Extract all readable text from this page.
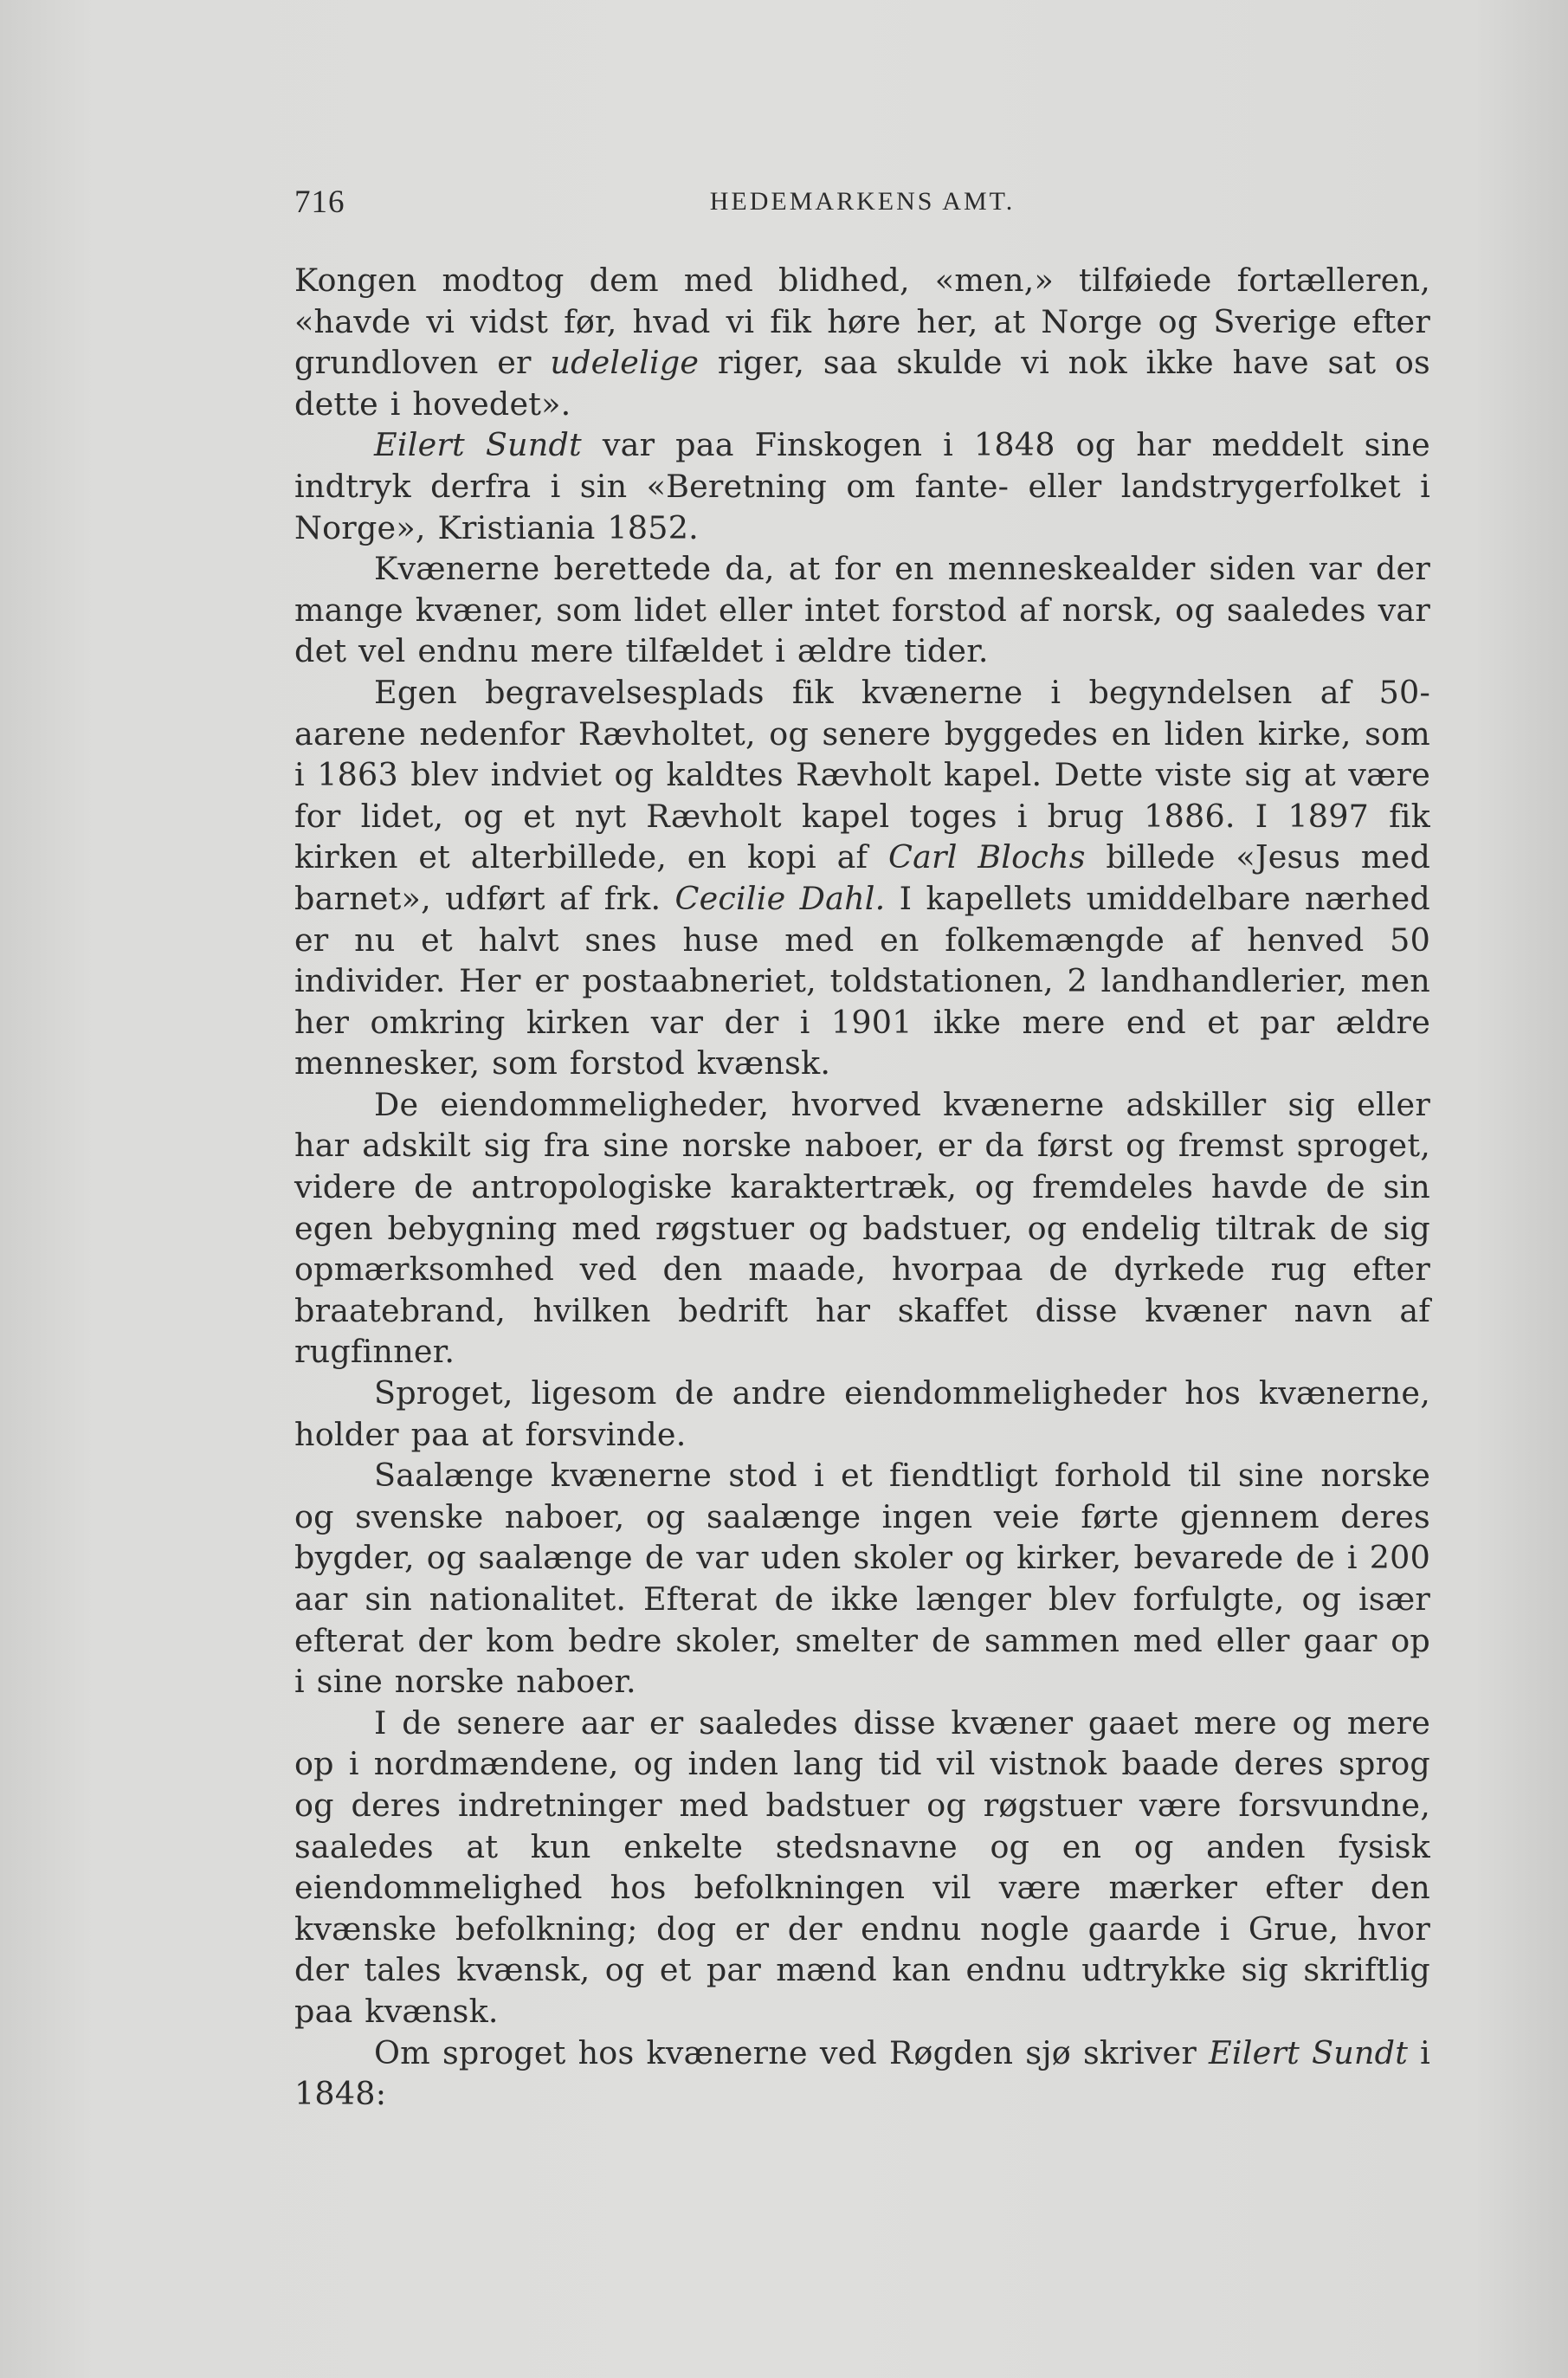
716	HEDEMARKENS AMT.

Kongen modtog dem med blidhed, «men,» tilføiede fortælleren, «havde vi vidst før, hvad vi fik høre her, at Norge og Sverige efter grundloven er udelelige riger, saa skulde vi nok ikke have sat os dette i hovedet».

Eilert Sundt var paa Finskogen i 1848 og har meddelt sine indtryk derfra i sin «Beretning om fante- eller landstrygerfolket i Norge», Kristiania 1852.

Kvænerne berettede da, at for en menneskealder siden var der mange kvæner, som lidet eller intet forstod af norsk, og saaledes var det vel endnu mere tilfældet i ældre tider.

Egen begravelsesplads fik kvænerne i begyndelsen af 50-aarene nedenfor Rævholtet, og senere byggedes en liden kirke, som i 1863 blev indviet og kaldtes Rævholt kapel. Dette viste sig at være for lidet, og et nyt Rævholt kapel toges i brug 1886. I 1897 fik kirken et alterbillede, en kopi af Carl Blochs billede «Jesus med barnet», udført af frk. Cecilie Dahl. I kapellets umiddelbare nærhed er nu et halvt snes huse med en folkemængde af henved 50 individer. Her er postaabneriet, toldstationen, 2 landhandlerier, men her omkring kirken var der i 1901 ikke mere end et par ældre mennesker, som forstod kvænsk.

De eiendommeligheder, hvorved kvænerne adskiller sig eller har adskilt sig fra sine norske naboer, er da først og fremst sproget, videre de antropologiske karaktertræk, og fremdeles havde de sin egen bebygning med røgstuer og badstuer, og endelig tiltrak de sig opmærksomhed ved den maade, hvorpaa de dyrkede rug efter braatebrand, hvilken bedrift har skaffet disse kvæner navn af rugfinner.

Sproget, ligesom de andre eiendommeligheder hos kvænerne, holder paa at forsvinde.

Saalænge kvænerne stod i et fiendtligt forhold til sine norske og svenske naboer, og saalænge ingen veie førte gjennem deres bygder, og saalænge de var uden skoler og kirker, bevarede de i 200 aar sin nationalitet. Efterat de ikke længer blev forfulgte, og især efterat der kom bedre skoler, smelter de sammen med eller gaar op i sine norske naboer.

I de senere aar er saaledes disse kvæner gaaet mere og mere op i nordmændene, og inden lang tid vil vistnok baade deres sprog og deres indretninger med badstuer og røgstuer være forsvundne, saaledes at kun enkelte stedsnavne og en og anden fysisk eiendommelighed hos befolkningen vil være mærker efter den kvænske befolkning; dog er der endnu nogle gaarde i Grue, hvor der tales kvænsk, og et par mænd kan endnu udtrykke sig skriftlig paa kvænsk.

Om sproget hos kvænerne ved Røgden sjø skriver Eilert Sundt i 1848:
